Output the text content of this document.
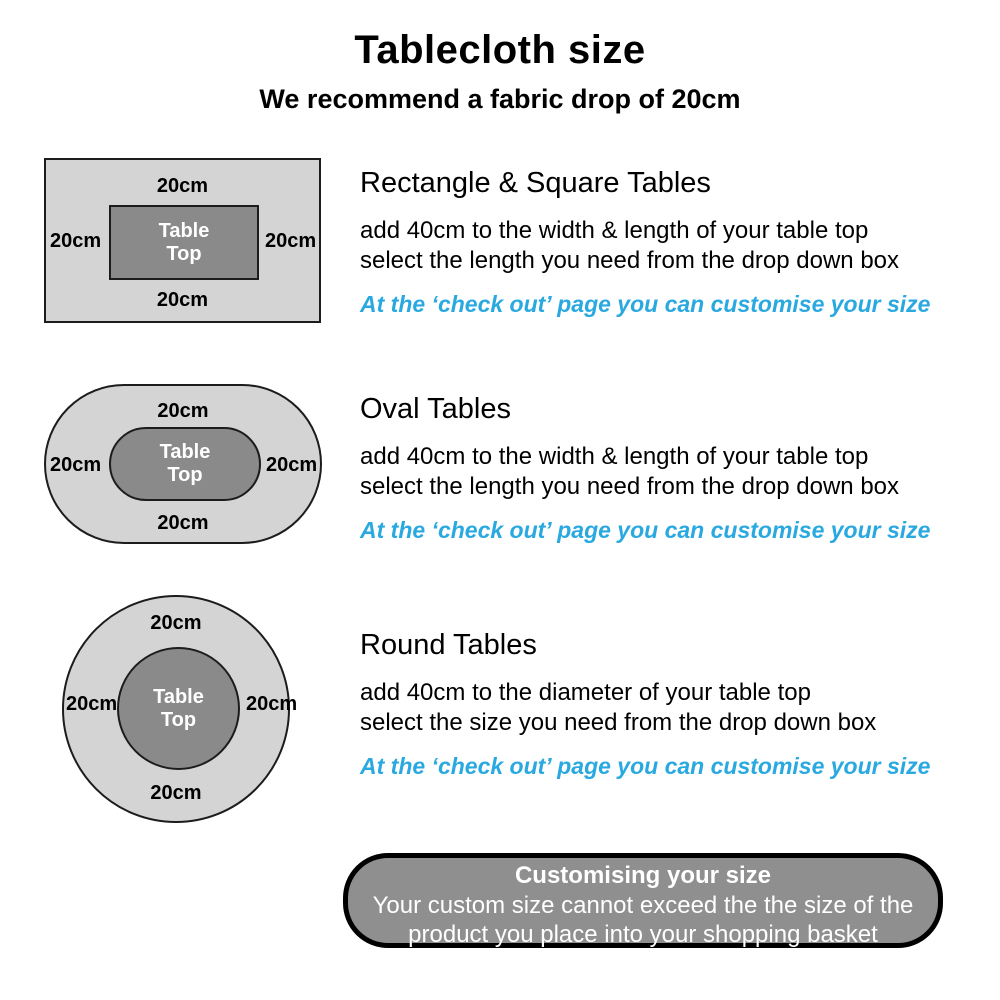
Tablecloth size
We recommend a fabric drop of 20cm
Table
Top
20cm
20cm
20cm	20cm
Table
Top
20cm
20cm
20cm	20cm
Table
Top
20cm
20cm
20cm	20cm
Rectangle & Square Tables
add 40cm to the width & length of your table top
select the length you need from the drop down box
At the ‘check out’ page you can customise your size
Oval Tables
add 40cm to the width & length of your table top
select the length you need from the drop down box
At the ‘check out’ page you can customise your size
Round Tables
add 40cm to the diameter of your table top
select the size you need from the drop down box
At the ‘check out’ page you can customise your size
Customising your size
Your custom size cannot exceed the the size of the
product you place into your shopping basket
